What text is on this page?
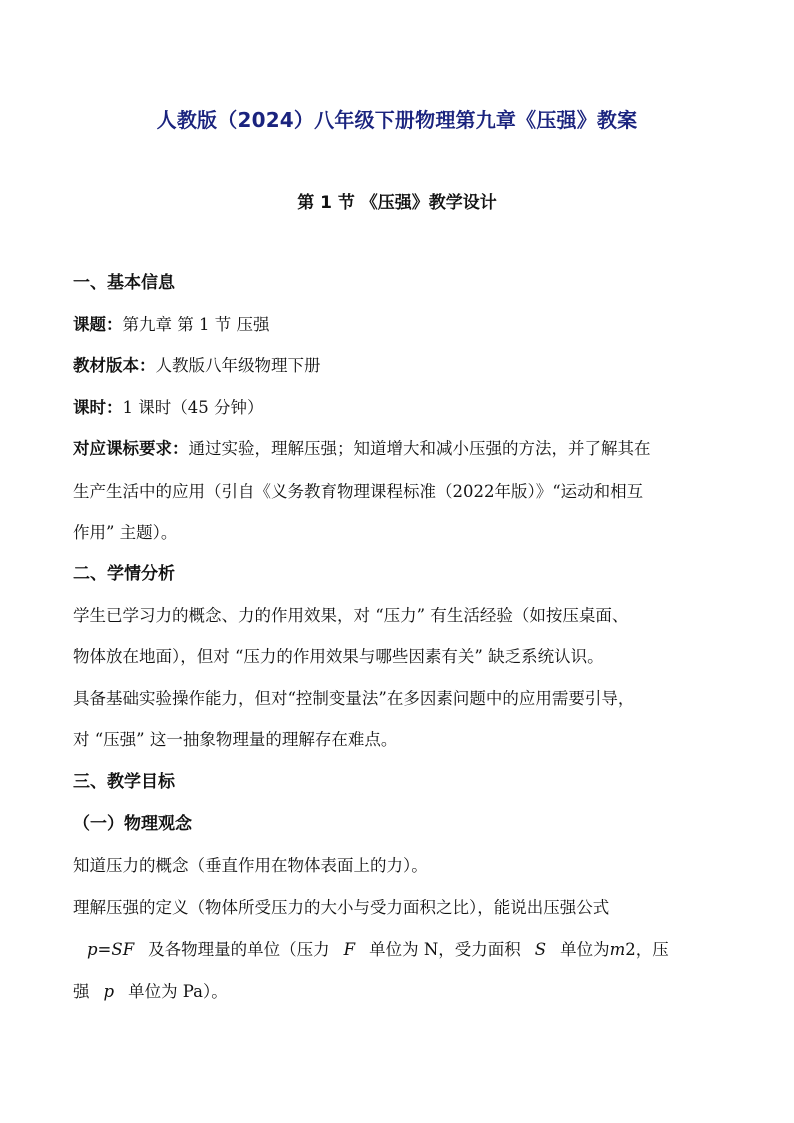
人教版（2024）八年级下册物理第九章《压强》教案
第 1 节 《压强》教学设计
一、基本信息
课题：第九章 第 1 节 压强
教材版本：人教版八年级物理下册
课时：1 课时（45 分钟）
对应课标要求：通过实验，理解压强；知道增大和减小压强的方法，并了解其在
生产生活中的应用（引自《义务教育物理课程标准（2022年版）》“运动和相互
作用” 主题）。
二、学情分析
学生已学习力的概念、力的作用效果，对 “压力” 有生活经验（如按压桌面、
物体放在地面），但对 “压力的作用效果与哪些因素有关” 缺乏系统认识。
具备基础实验操作能力，但对“控制变量法”在多因素问题中的应用需要引导，
对 “压强” 这一抽象物理量的理解存在难点。
三、教学目标
（一）物理观念
知道压力的概念（垂直作用在物体表面上的力）。
理解压强的定义（物体所受压力的大小与受力面积之比），能说出压强公式
p=SF 及各物理量的单位（压力 F 单位为 N，受力面积 S 单位为m2，压
强 p 单位为 Pa）。
